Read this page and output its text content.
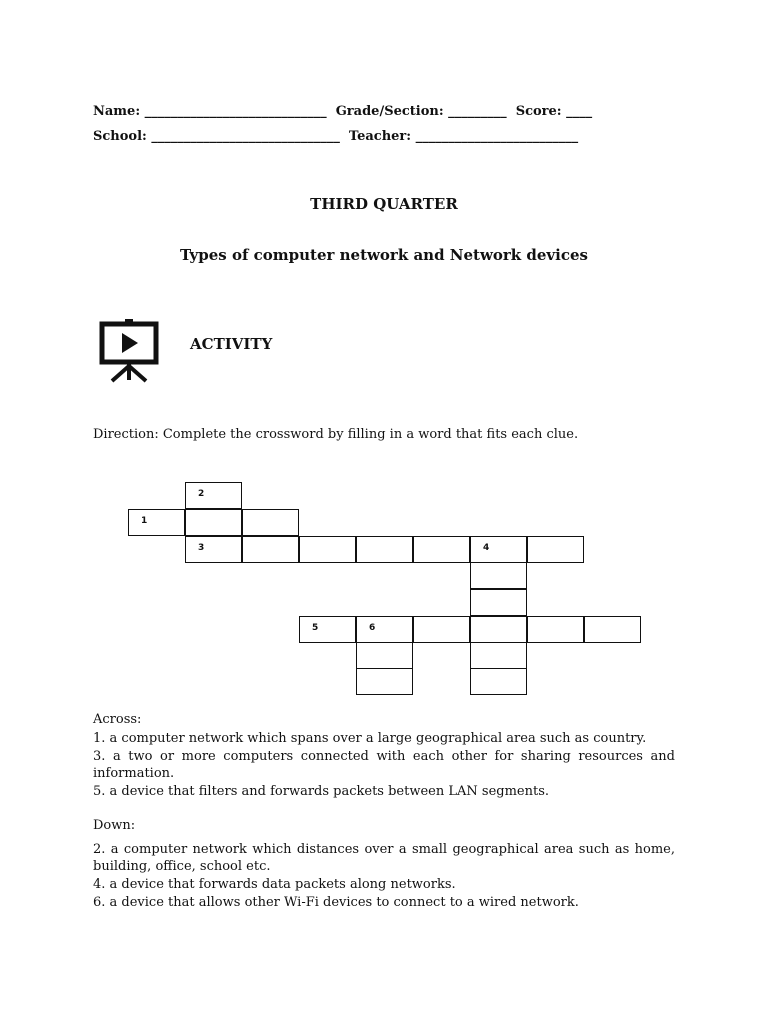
Name: ____________________________  Grade/Section: _________  Score: ____
School: _____________________________  Teacher: _________________________
THIRD QUARTER
Types of computer network and Network devices
ACTIVITY
Direction: Complete the crossword by filling in a word that fits each clue.
2
1
3	4
5	6
Across:
1. a computer network which spans over a large geographical area such as country.
3. a two or more computers connected with each other for sharing resources and information.
5. a device that filters and forwards packets between LAN segments.
Down:
2. a computer network which distances over a small geographical area such as home, building, office, school etc.
4. a device that forwards data packets along networks.
6. a device that allows other Wi-Fi devices to connect to a wired network.
